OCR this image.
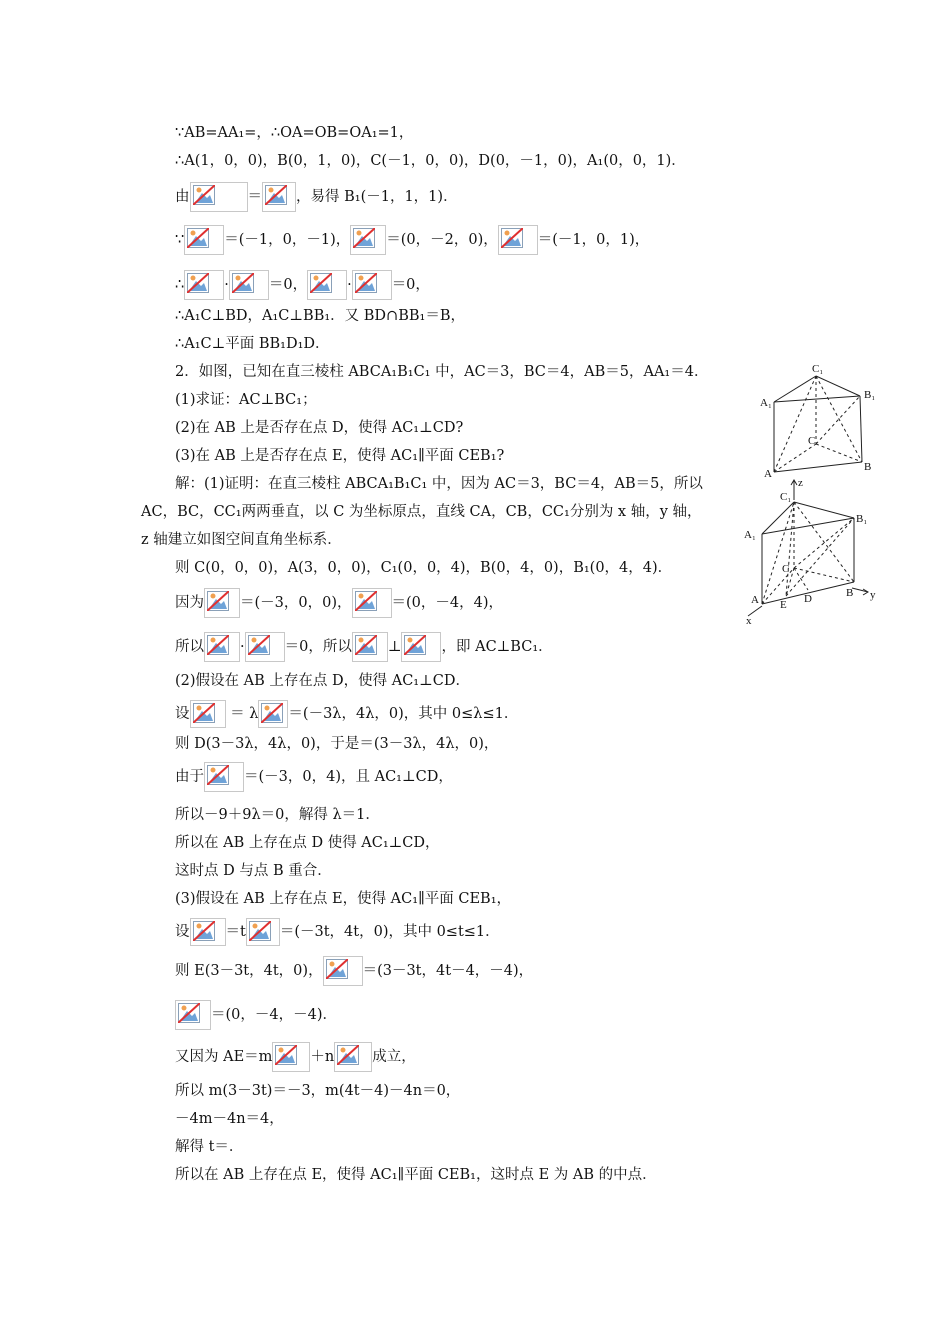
∵AB=AA₁=，∴OA=OB=OA₁=1，
∴A(1，0，0)，B(0，1，0)，C(－1，0，0)，D(0，－1，0)，A₁(0，0，1)．
由	＝ ，易得 B₁(－1，1，1)．
∵	＝(－1，0，－1)， ＝(0，－2，0)，	＝(－1，0，1)，
∴	·	＝0，	·	＝0，
∴A₁C⊥BD，A₁C⊥BB₁．又 BD∩BB₁＝B，
∴A₁C⊥平面 BB₁D₁D．
2．如图，已知在直三棱柱 ABCA₁B₁C₁ 中，AC＝3，BC＝4，AB＝5，AA₁＝4．
(1)求证：AC⊥BC₁；
(2)在 AB 上是否存在点 D，使得 AC₁⊥CD?
(3)在 AB 上是否存在点 E，使得 AC₁∥平面 CEB₁?
解：(1)证明：在直三棱柱 ABCA₁B₁C₁ 中，因为 AC＝3，BC＝4，AB＝5，所以
AC，BC，CC₁两两垂直，以 C 为坐标原点，直线 CA，CB，CC₁分别为 x 轴，y 轴，
z 轴建立如图空间直角坐标系．
则 C(0，0，0)，A(3，0，0)，C₁(0，0，4)，B(0，4，0)，B₁(0，4，4)．
因为 ＝(－3，0，0)，	＝(0，－4，4)，
所以 ·	＝0，所以 ⊥	，即 AC⊥BC₁．
(2)假设在 AB 上存在点 D，使得 AC₁⊥CD．
设
＝ λ ＝(－3λ，4λ，0)，其中 0≤λ≤1．
则 D(3－3λ，4λ，0)，于是＝(3－3λ，4λ，0)，
由于	＝(－3，0，4)，且 AC₁⊥CD，
所以－9＋9λ＝0，解得 λ＝1．
所以在 AB 上存在点 D 使得 AC₁⊥CD，
这时点 D 与点 B 重合．
(3)假设在 AB 上存在点 E，使得 AC₁∥平面 CEB₁，
设 ＝t ＝(－3t，4t，0)，其中 0≤t≤1．
则 E(3－3t，4t，0)，	＝(3－3t，4t－4，－4)，
＝(0，－4，－4)．
又因为 AE＝m	＋n	成立，
所以 m(3－3t)＝－3，m(4t－4)－4n＝0，
－4m－4n＝4，
解得 t＝．
所以在 AB 上存在点 E，使得 AC₁∥平面 CEB₁，这时点 E 为 AB 的中点．
C₁
A₁
B₁
C
A
B
z
C₁
B₁
A₁
C
A E D	B y
x
